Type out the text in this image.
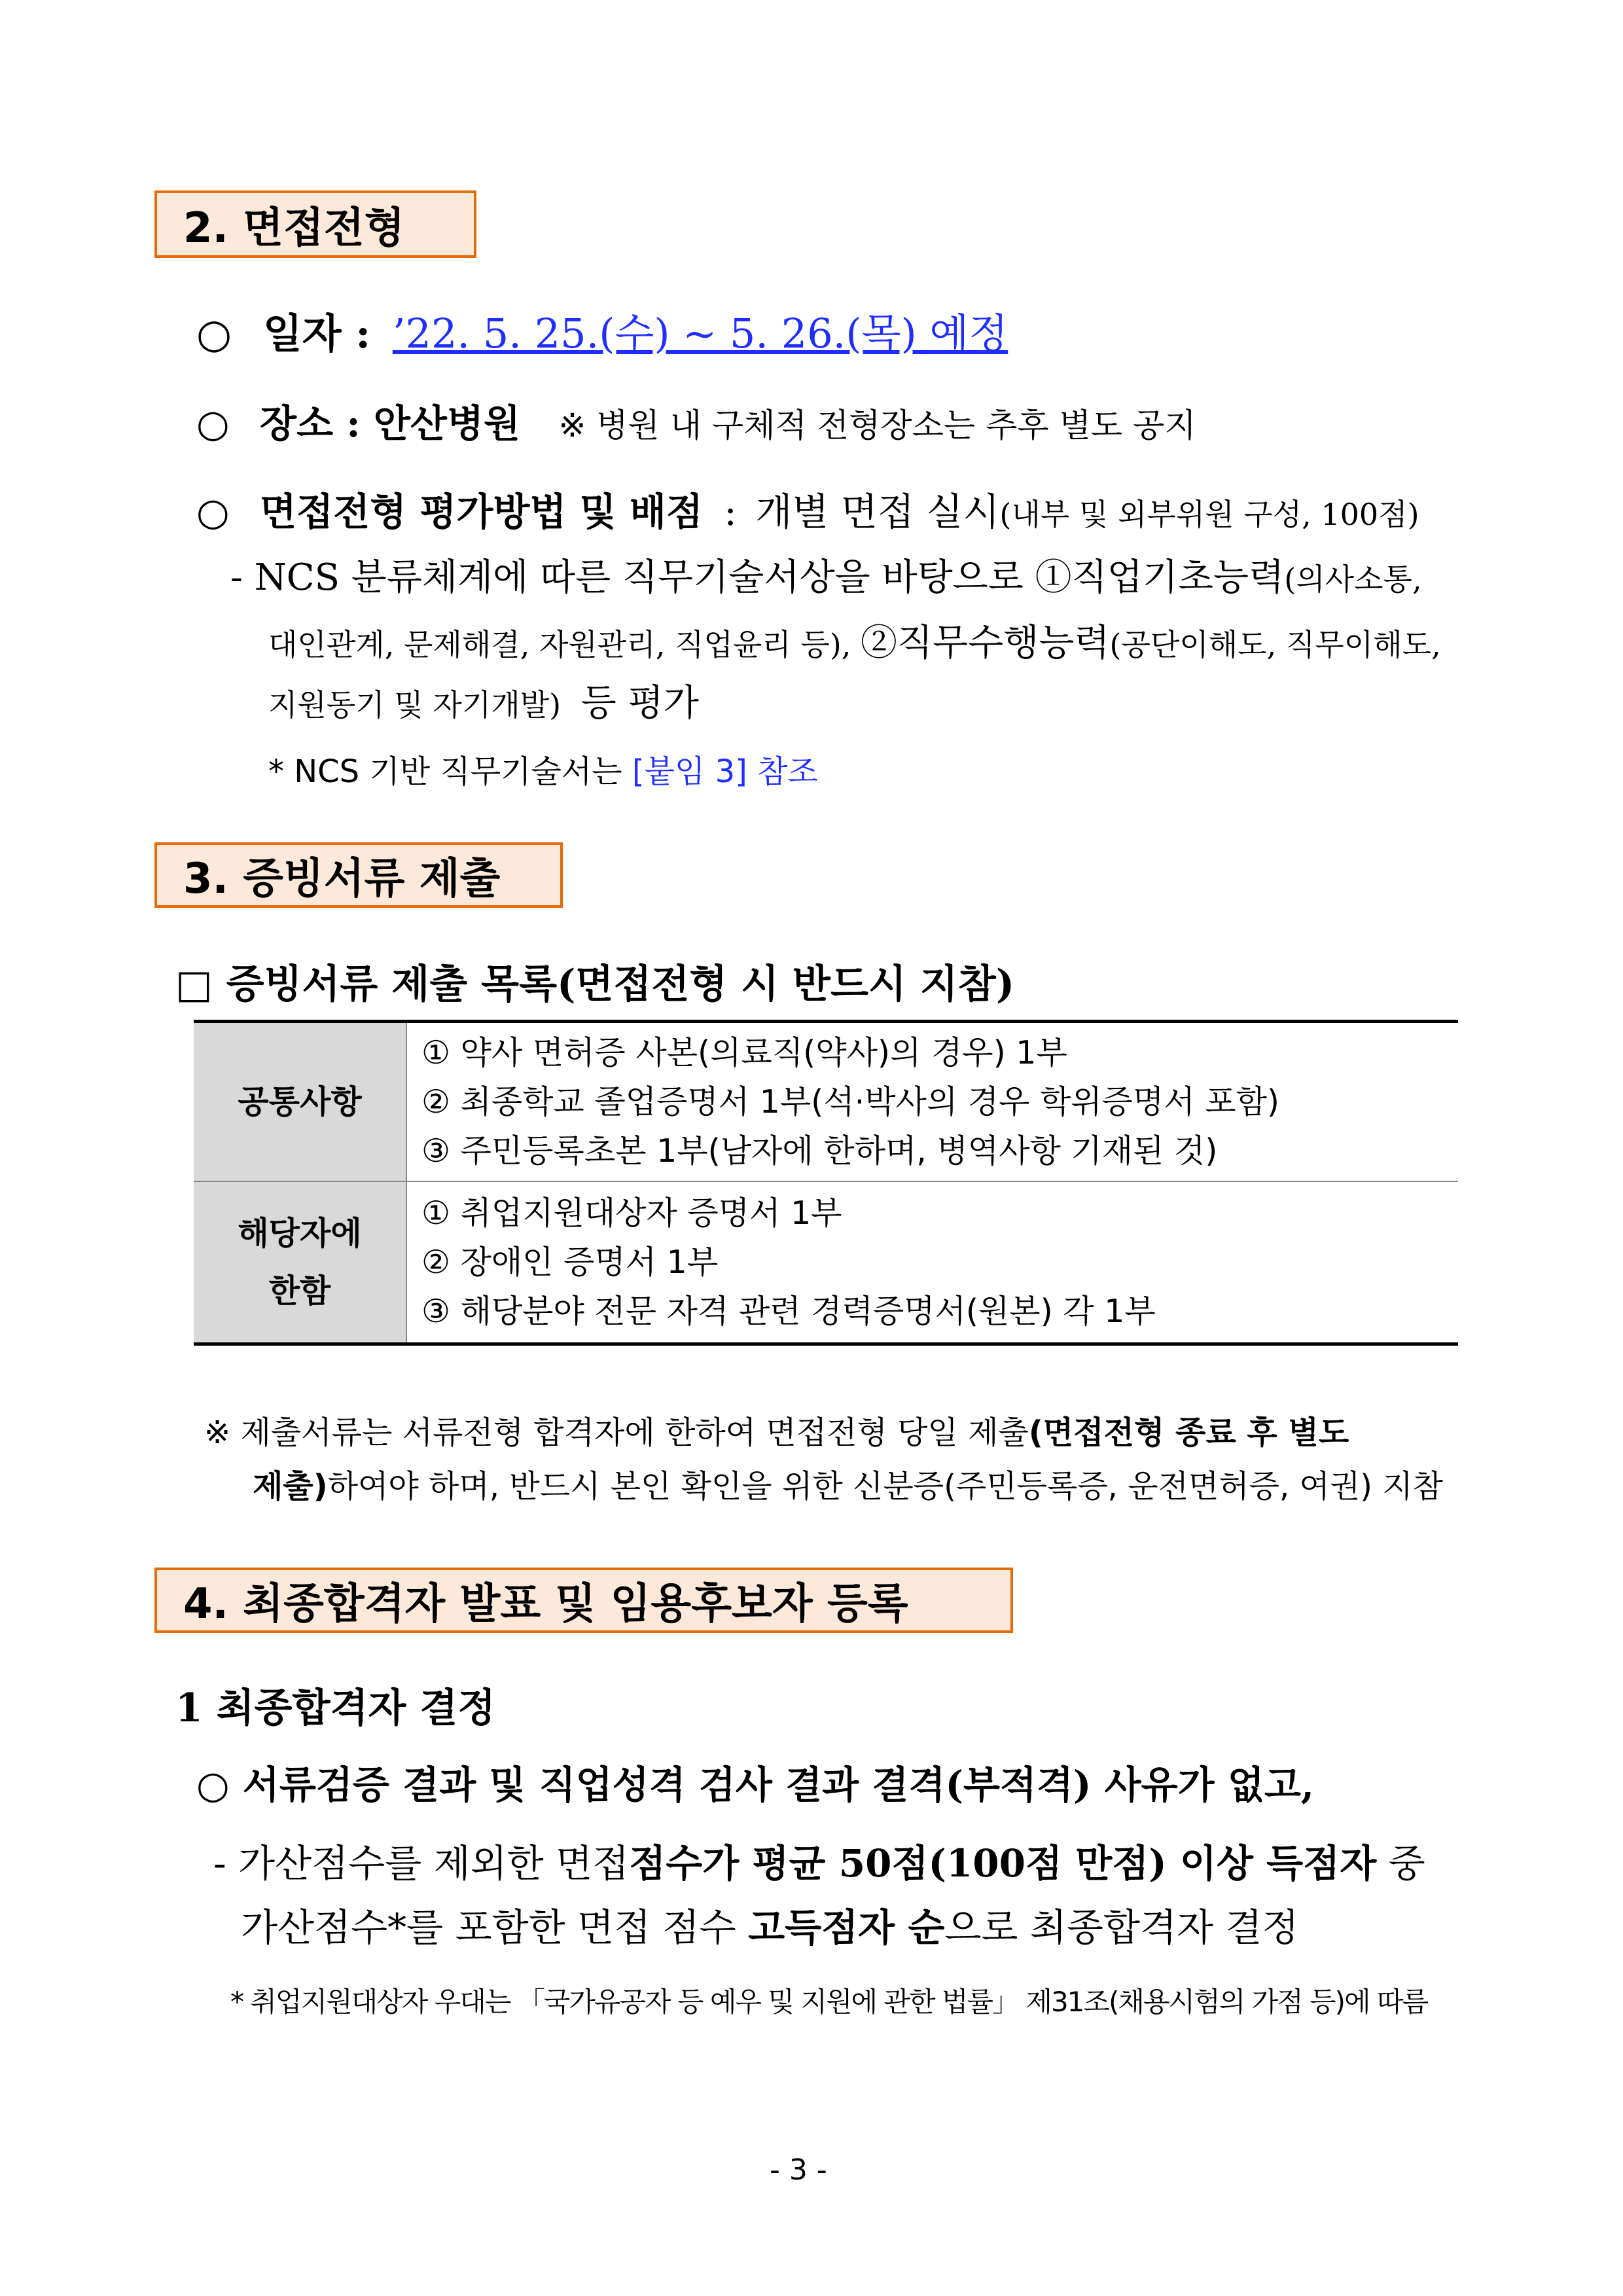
2. 면접전형
○ 일자 : ’22. 5. 25.(수) ~ 5. 26.(목) 예정
○ 장소 : 안산병원 ※ 병원 내 구체적 전형장소는 추후 별도 공지
○ 면접전형 평가방법 및 배점 : 개별 면접 실시(내부 및 외부위원 구성, 100점)
- NCS 분류체계에 따른 직무기술서상을 바탕으로 ①직업기초능력(의사소통,
대인관계, 문제해결, 자원관리, 직업윤리 등), ②직무수행능력(공단이해도, 직무이해도,
지원동기 및 자기개발) 등 평가
* NCS 기반 직무기술서는 [붙임 3] 참조
3. 증빙서류 제출
□ 증빙서류 제출 목록(면접전형 시 반드시 지참)
공통사항	① 약사 면허증 사본(의료직(약사)의 경우) 1부
② 최종학교 졸업증명서 1부(석·박사의 경우 학위증명서 포함)
③ 주민등록초본 1부(남자에 한하며, 병역사항 기재된 것)

해당자에
한함	① 취업지원대상자 증명서 1부
② 장애인 증명서 1부
③ 해당분야 전문 자격 관련 경력증명서(원본) 각 1부
※ 제출서류는 서류전형 합격자에 한하여 면접전형 당일 제출(면접전형 종료 후 별도
제출)하여야 하며, 반드시 본인 확인을 위한 신분증(주민등록증, 운전면허증, 여권) 지참
4. 최종합격자 발표 및 임용후보자 등록
1 최종합격자 결정
○ 서류검증 결과 및 직업성격 검사 결과 결격(부적격) 사유가 없고,
- 가산점수를 제외한 면접점수가 평균 50점(100점 만점) 이상 득점자 중
가산점수*를 포함한 면접 점수 고득점자 순으로 최종합격자 결정
* 취업지원대상자 우대는 「국가유공자 등 예우 및 지원에 관한 법률」 제31조(채용시험의 가점 등)에 따름
- 3 -
